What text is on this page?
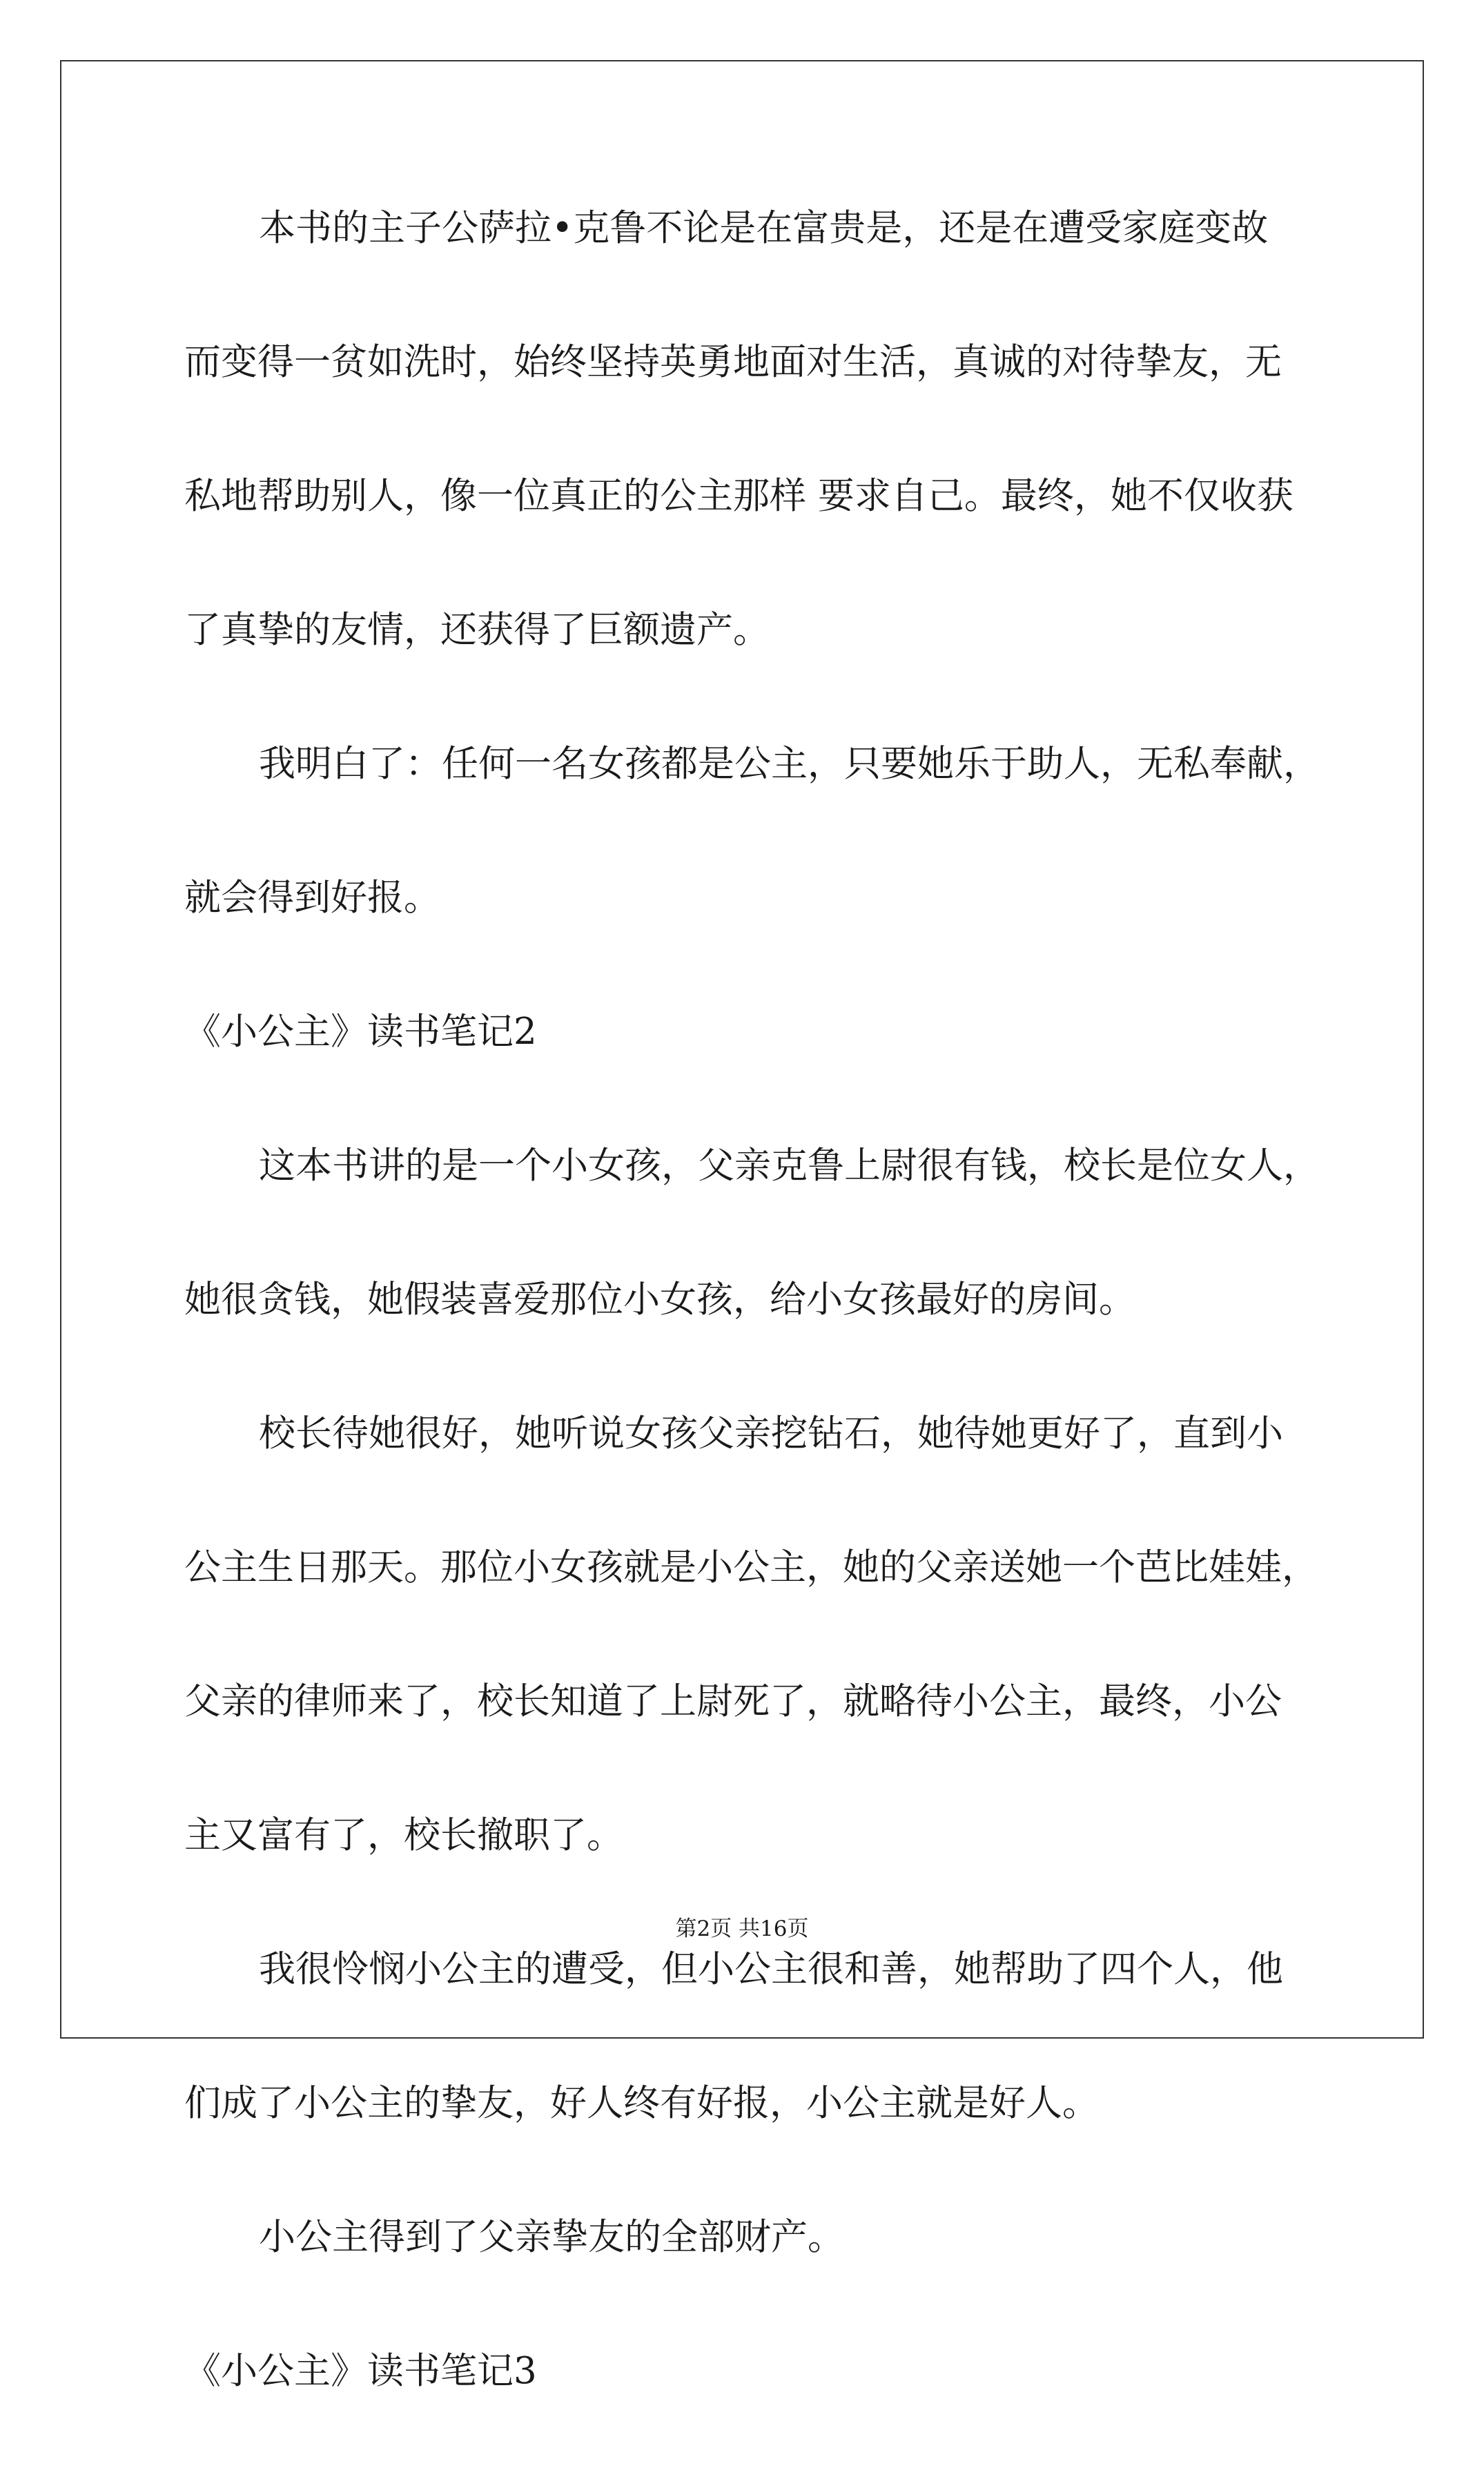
本书的主子公萨拉•克鲁不论是在富贵是，还是在遭受家庭变故
而变得一贫如洗时，始终坚持英勇地面对生活，真诚的对待挚友，无
私地帮助别人，像一位真正的公主那样 要求自己。最终，她不仅收获
了真挚的友情，还获得了巨额遗产。
我明白了：任何一名女孩都是公主，只要她乐于助人，无私奉献，
就会得到好报。
《小公主》读书笔记2
这本书讲的是一个小女孩，父亲克鲁上尉很有钱，校长是位女人，
她很贪钱，她假装喜爱那位小女孩，给小女孩最好的房间。
校长待她很好，她听说女孩父亲挖钻石，她待她更好了，直到小
公主生日那天。那位小女孩就是小公主，她的父亲送她一个芭比娃娃，
父亲的律师来了，校长知道了上尉死了，就略待小公主，最终，小公
主又富有了，校长撤职了。
我很怜悯小公主的遭受，但小公主很和善，她帮助了四个人，他
们成了小公主的挚友，好人终有好报，小公主就是好人。
小公主得到了父亲挚友的全部财产。
《小公主》读书笔记3
第2页 共16页
